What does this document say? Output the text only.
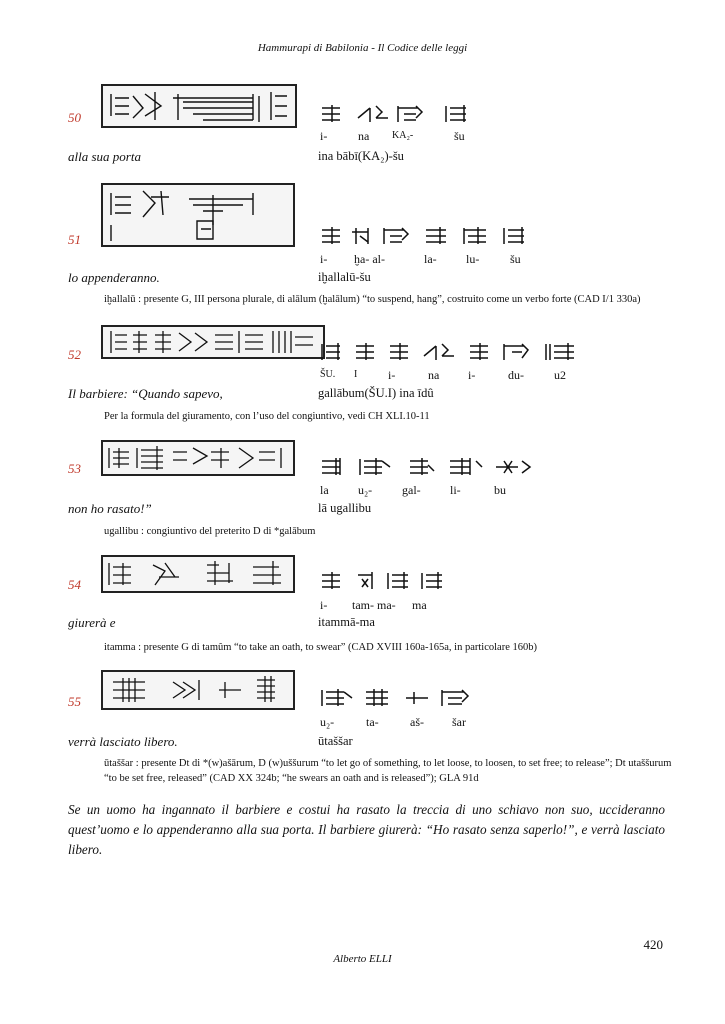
Hammurapi di Babilonia - Il Codice delle leggi
50
i-	na KA₂-	šu
alla sua porta	ina bābī(KA₂)-šu
51
i- ḫa- al-	la- lu-	šu
lo appenderanno.	iḫallalū-šu
iḫallalū : presente G, III persona plurale, di alālum (ḫalālum) “to suspend, hang”, costruito come un verbo forte (CAD I/1 330a)
52
ŠU. I	i-	na i-	du-	u2
Il barbiere: “Quando sapevo,	gallābum(ŠU.I) ina īdû
Per la formula del giuramento, con l’uso del congiuntivo, vedi CH XLI.10-11
53
la u₂- gal- li-	bu
non ho rasato!”	lā ugallibu
ugallibu : congiuntivo del preterito D di *galābum
54
i- tam- ma- ma
giurerà e	itammā-ma
itamma : presente G di tamûm “to take an oath, to swear” (CAD XVIII 160a-165a, in particolare 160b)
55
u₂-	ta-	aš- šar
verrà lasciato libero.	ūtaššar
ūtaššar : presente Dt di *(w)ašārum, D (w)uššurum “to let go of something, to let loose, to loosen, to set free; to release”; Dt utaššurum “to be set free, released” (CAD XX 324b; “he swears an oath and is released”); GLA 91d
Se un uomo ha ingannato il barbiere e costui ha rasato la treccia di uno schiavo non suo, uccideranno quest’uomo e lo appenderanno alla sua porta. Il barbiere giurerà: “Ho rasato senza saperlo!”, e verrà lasciato libero.
420
Alberto ELLI
